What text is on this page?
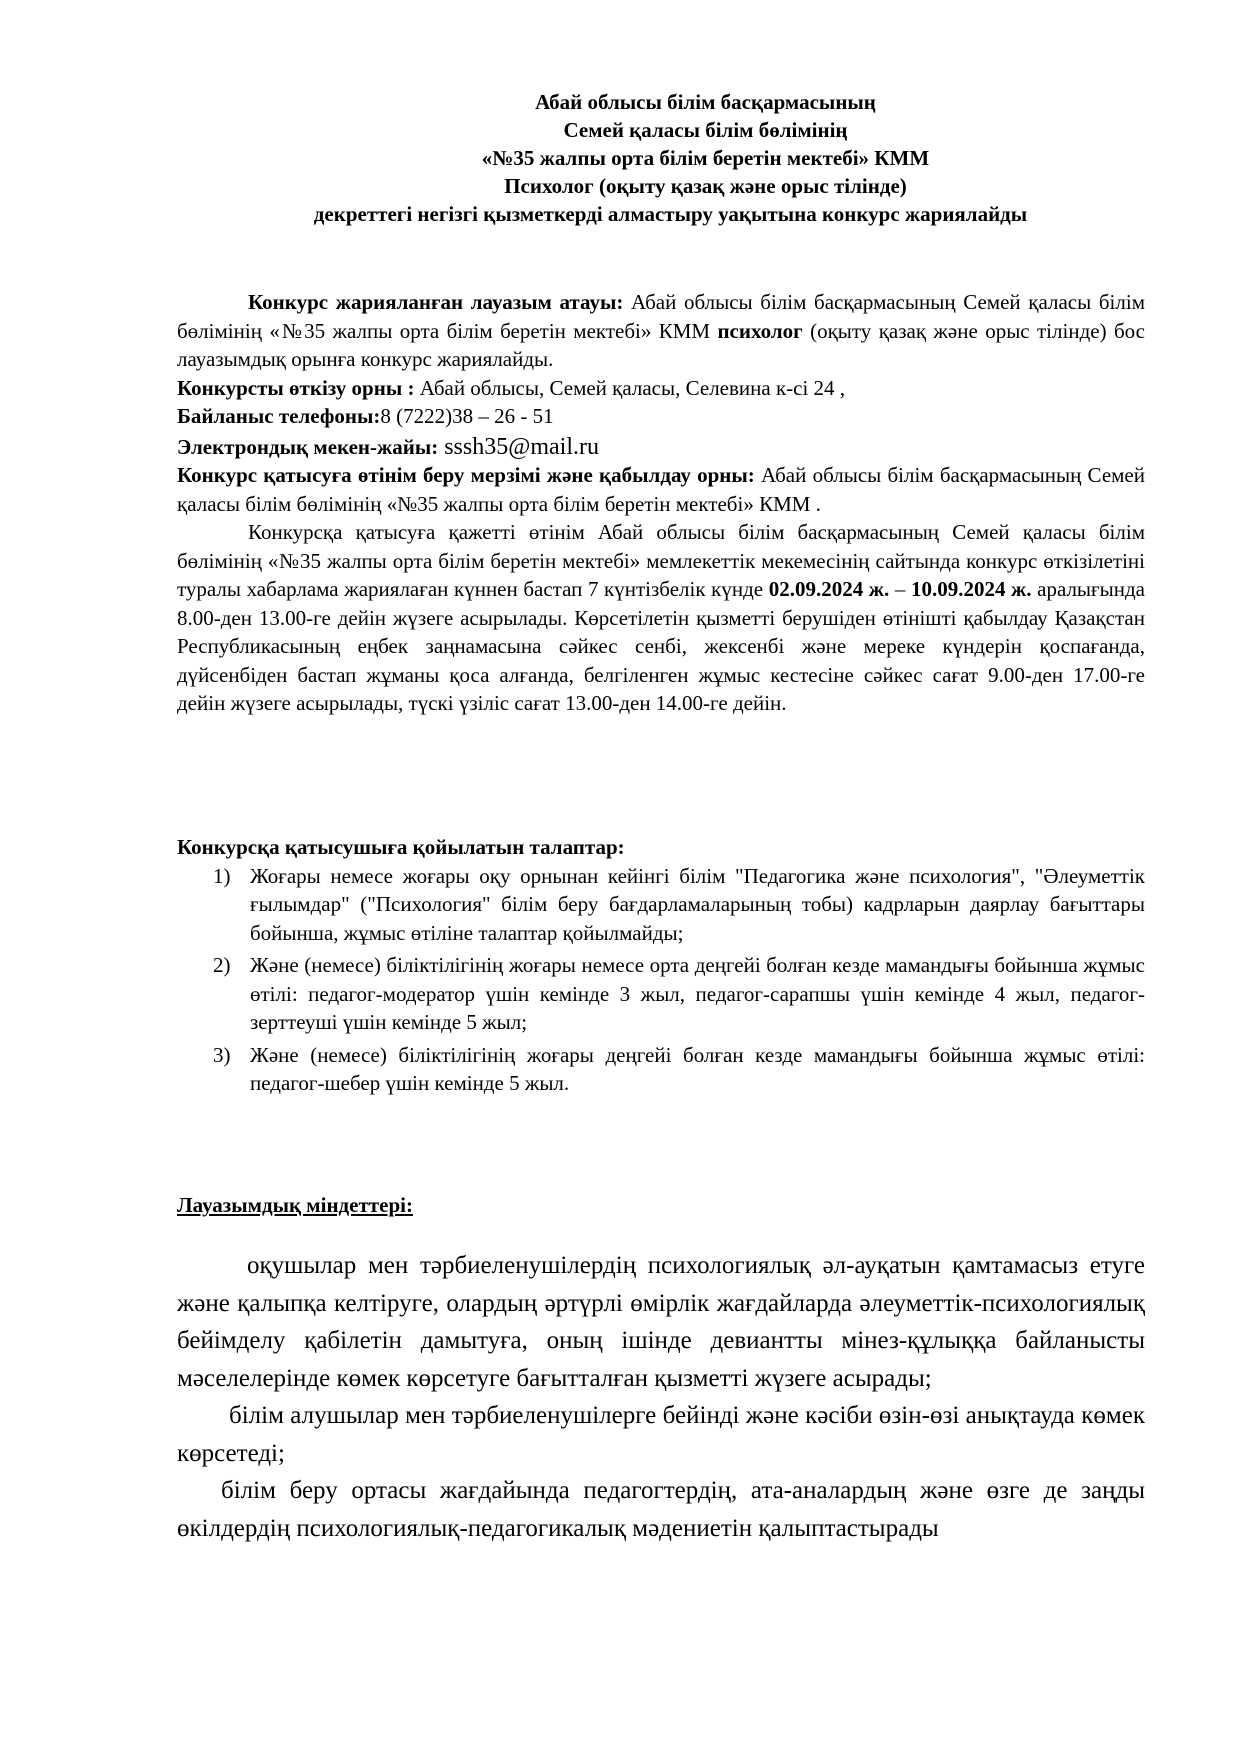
Абай облысы білім басқармасының
Семей қаласы білім бөлімінің
«№35 жалпы орта білім беретін мектебі» КММ
Психолог (оқыту қазақ және орыс тілінде)
декреттегі негізгі қызметкерді алмастыру уақытына конкурс жариялайды

Конкурс жарияланған лауазым атауы: Абай облысы білім басқармасының Семей қаласы білім бөлімінің «№35 жалпы орта білім беретін мектебі» КММ психолог (оқыту қазақ және орыс тілінде) бос лауазымдық орынға конкурс жариялайды.

Конкурсты өткізу орны : Абай облысы, Семей қаласы, Селевина к-сі 24 ,

Байланыс телефоны:8 (7222)38 – 26 - 51

Электрондық мекен-жайы: sssh35@mail.ru

Конкурс қатысуға өтінім беру мерзімі және қабылдау орны: Абай облысы білім басқармасының Семей қаласы білім бөлімінің «№35 жалпы орта білім беретін мектебі» КММ .

Конкурсқа қатысуға қажетті өтінім Абай облысы білім басқармасының Семей қаласы білім бөлімінің «№35 жалпы орта білім беретін мектебі» мемлекеттік мекемесінің сайтында конкурс өткізілетіні туралы хабарлама жариялаған күннен бастап 7 күнтізбелік күнде 02.09.2024 ж. – 10.09.2024 ж. аралығында 8.00-ден 13.00-ге дейін жүзеге асырылады. Көрсетілетін қызметті берушіден өтінішті қабылдау Қазақстан Республикасының еңбек заңнамасына сәйкес сенбі, жексенбі және мереке күндерін қоспағанда, дүйсенбіден бастап жұманы қоса алғанда, белгіленген жұмыс кестесіне сәйкес сағат 9.00-ден 17.00-ге дейін жүзеге асырылады, түскі үзіліс сағат 13.00-ден 14.00-ге дейін.

Конкурсқа қатысушыға қойылатын талаптар:

1) Жоғары немесе жоғары оқу орнынан кейінгі білім "Педагогика және психология", "Әлеуметтік ғылымдар" ("Психология" білім беру бағдарламаларының тобы) кадрларын даярлау бағыттары бойынша, жұмыс өтіліне талаптар қойылмайды;
2) Және (немесе) біліктілігінің жоғары немесе орта деңгейі болған кезде мамандығы бойынша жұмыс өтілі: педагог-модератор үшін кемінде 3 жыл, педагог-сарапшы үшін кемінде 4 жыл, педагог-зерттеуші үшін кемінде 5 жыл;
3) Және (немесе) біліктілігінің жоғары деңгейі болған кезде мамандығы бойынша жұмыс өтілі: педагог-шебер үшін кемінде 5 жыл.

Лауазымдық міндеттері:

оқушылар мен тәрбиеленушілердің психологиялық әл-ауқатын қамтамасыз етуге және қалыпқа келтіруге, олардың әртүрлі өмірлік жағдайларда әлеуметтік-психологиялық бейімделу қабілетін дамытуға, оның ішінде девиантты мінез-құлыққа байланысты мәселелерінде көмек көрсетуге бағытталған қызметті жүзеге асырады;

білім алушылар мен тәрбиеленушілерге бейінді және кәсіби өзін-өзі анықтауда көмек көрсетеді;

білім беру ортасы жағдайында педагогтердің, ата-аналардың және өзге де заңды өкілдердің психологиялық-педагогикалық мәдениетін қалыптастырады
